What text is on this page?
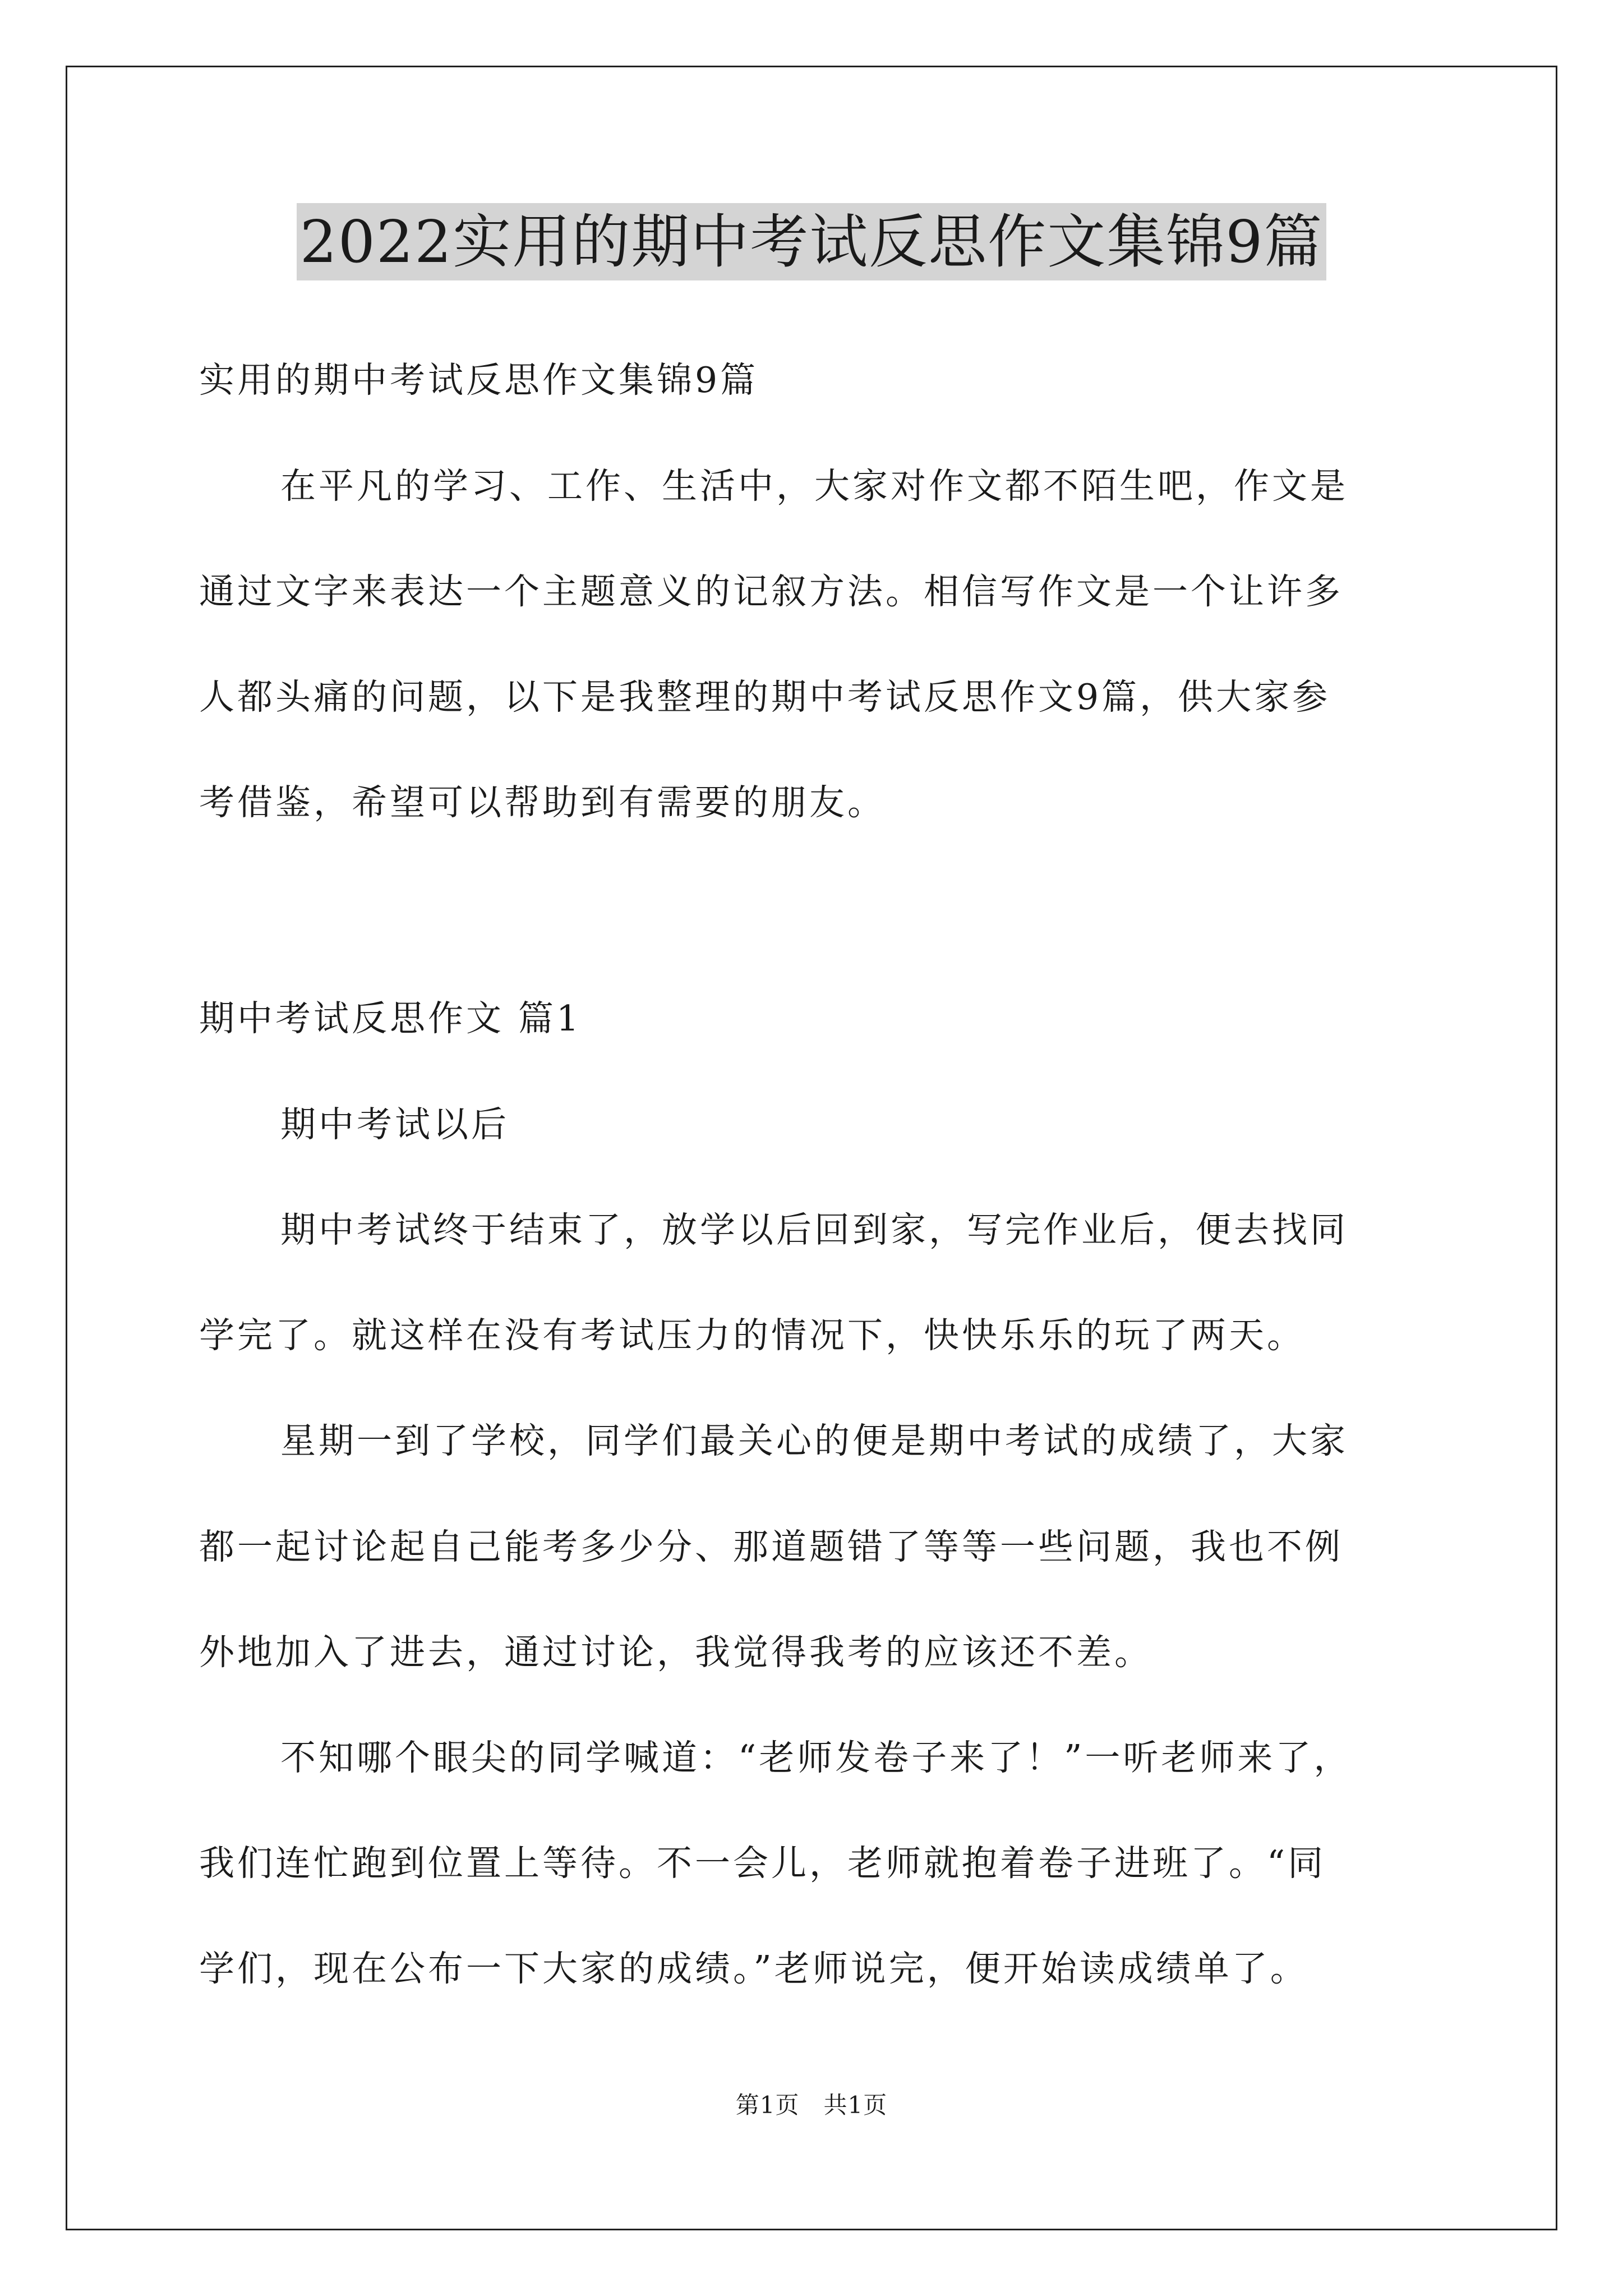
2022实用的期中考试反思作文集锦9篇

实用的期中考试反思作文集锦9篇

在平凡的学习、工作、生活中，大家对作文都不陌生吧，作文是

通过文字来表达一个主题意义的记叙方法。相信写作文是一个让许多

人都头痛的问题，以下是我整理的期中考试反思作文9篇，供大家参

考借鉴，希望可以帮助到有需要的朋友。

期中考试反思作文 篇1

期中考试以后

期中考试终于结束了，放学以后回到家，写完作业后，便去找同

学完了。就这样在没有考试压力的情况下，快快乐乐的玩了两天。

星期一到了学校，同学们最关心的便是期中考试的成绩了，大家

都一起讨论起自己能考多少分、那道题错了等等一些问题，我也不例

外地加入了进去，通过讨论，我觉得我考的应该还不差。

不知哪个眼尖的同学喊道：“老师发卷子来了！”一听老师来了，

我们连忙跑到位置上等待。不一会儿，老师就抱着卷子进班了。“同

学们，现在公布一下大家的成绩。”老师说完，便开始读成绩单了。

第1页   共1页
